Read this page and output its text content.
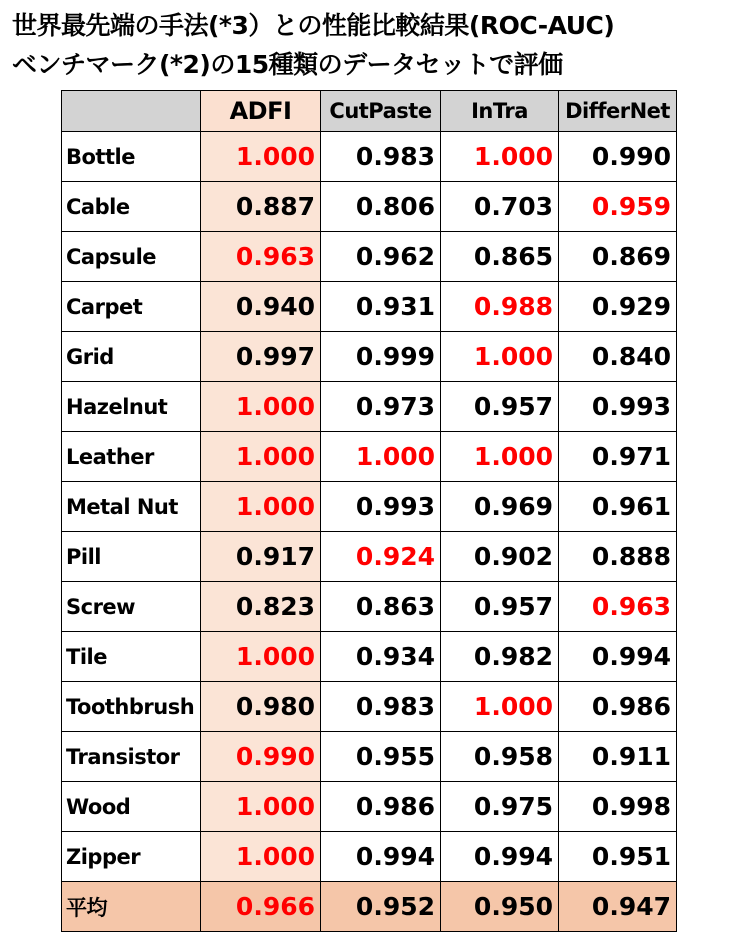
世界最先端の手法(*3）との性能比較結果(ROC-AUC)
ベンチマーク(*2)の15種類のデータセットで評価
	ADFI	CutPaste	InTra	DifferNet
Bottle	1.000	0.983	1.000	0.990
Cable	0.887	0.806	0.703	0.959
Capsule	0.963	0.962	0.865	0.869
Carpet	0.940	0.931	0.988	0.929
Grid	0.997	0.999	1.000	0.840
Hazelnut	1.000	0.973	0.957	0.993
Leather	1.000	1.000	1.000	0.971
Metal Nut	1.000	0.993	0.969	0.961
Pill	0.917	0.924	0.902	0.888
Screw	0.823	0.863	0.957	0.963
Tile	1.000	0.934	0.982	0.994
Toothbrush	0.980	0.983	1.000	0.986
Transistor	0.990	0.955	0.958	0.911
Wood	1.000	0.986	0.975	0.998
Zipper	1.000	0.994	0.994	0.951
平均	0.966	0.952	0.950	0.947
